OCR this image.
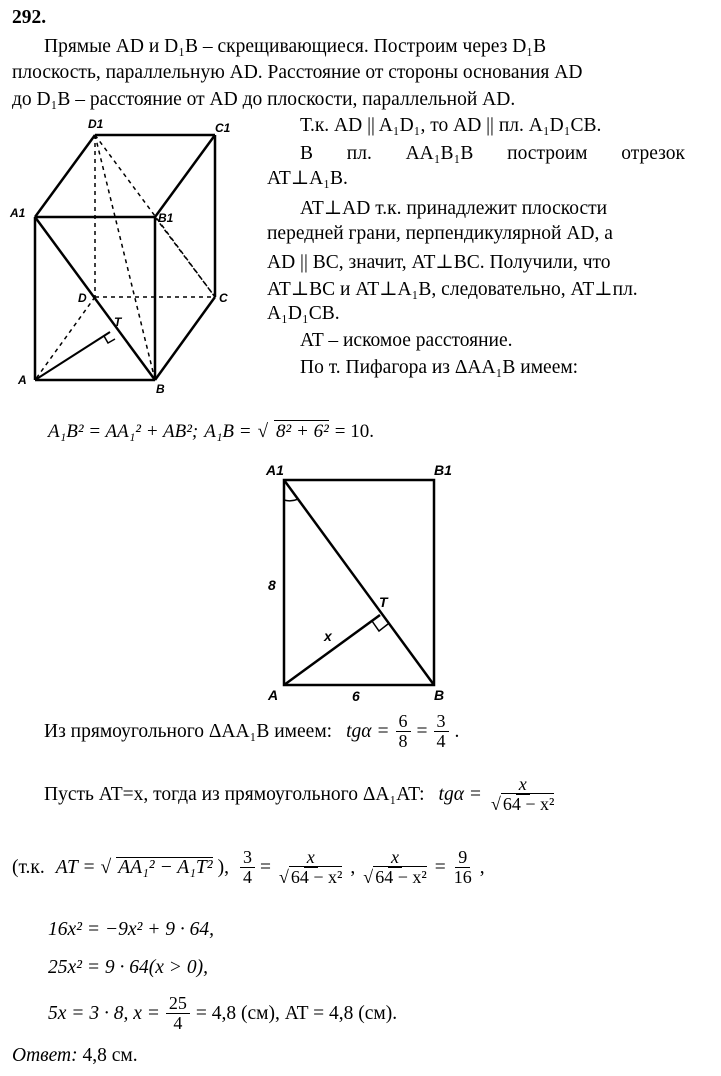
292.
Прямые AD и D₁B – скрещивающиеся. Построим через D₁B
плоскость, параллельную AD. Расстояние от стороны основания AD
до D₁B – расстояние от AD до плоскости, параллельной AD.
D1	C1
A1	B1
D	C
T
A
B
Т.к. AD || A₁D₁, то AD || пл. A₁D₁CB.
В пл. AA₁B₁B построим отрезок
AT⊥A₁B.
AT⊥AD т.к. принадлежит плоскости
передней грани, перпендикулярной AD, а
AD || BC, значит, AT⊥BC. Получили, что
AT⊥BC и AT⊥A₁B, следовательно, AT⊥пл.
A₁D₁CB.
AT – искомое расстояние.
По т. Пифагора из ΔAA₁B имеем:
A₁B² = AA₁² + AB²; A₁B = √ 8² + 6² = 10.
A1	B1
T
x
8
6
A	B
Из прямоугольного ΔAA₁B имеем: $tg\alpha = \frac{6}{8} = \frac{3}{4}$ .
Пусть AT=x, тогда из прямоугольного ΔA₁AT: $tg\alpha = \frac{x}{\text{√ 64 − x²}}$
(т.к. AT = √ AA₁² − A₁T² ), $\frac{3}{4} = \frac{x}{\text{√ 64 − x²}}$ , $\frac{x}{\text{√ 64 − x²}} = \frac{9}{16}$ ,
16x² = −9x² + 9 · 64,
25x² = 9 · 64(x > 0),
5x = 3 · 8, $x = \frac{25}{4} = 4,8$ (см), AT = 4,8 (см).
Ответ: 4,8 см.
